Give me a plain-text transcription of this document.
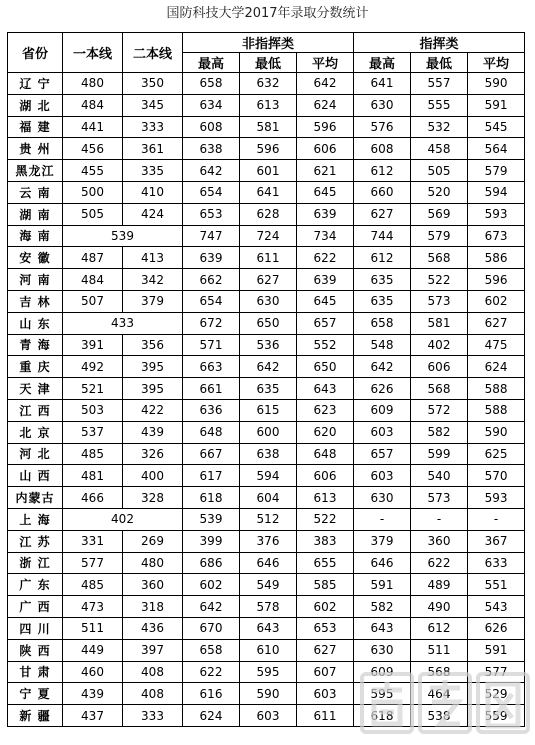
国防科技大学2017年录取分数统计
省份	一本线	二本线	非指挥类			指挥类		
			最高	最低	平均	最高	最低	平均
辽 宁	480	350	658	632	642	641	557	590
湖 北	484	345	634	613	624	630	555	591
福 建	441	333	608	581	596	576	532	545
贵 州	456	361	638	596	606	608	458	564
黑龙江	455	335	642	601	621	612	505	579
云 南	500	410	654	641	645	660	520	594
湖 南	505	424	653	628	639	627	569	593
海 南	539		747	724	734	744	579	673
安 徽	487	413	639	611	622	612	568	586
河 南	484	342	662	627	639	635	522	596
吉 林	507	379	654	630	645	635	573	602
山 东	433		672	650	657	658	581	627
青 海	391	356	571	536	552	548	402	475
重 庆	492	395	663	642	650	642	606	624
天 津	521	395	661	635	643	626	568	588
江 西	503	422	636	615	623	609	572	588
北 京	537	439	648	600	620	603	582	590
河 北	485	326	667	638	648	657	599	625
山 西	481	400	617	594	606	603	540	570
内蒙古	466	328	618	604	613	630	573	593
上 海	402		539	512	522	-	-	-
江 苏	331	269	399	376	383	379	360	367
浙 江	577	480	686	646	655	646	622	633
广 东	485	360	602	549	585	591	489	551
广 西	473	318	642	578	602	582	490	543
四 川	511	436	670	643	653	643	612	626
陕 西	449	397	658	610	627	630	511	591
甘 肃	460	408	622	595	607	609	568	577
宁 夏	439	408	616	590	603	595	464	529
新 疆	437	333	624	603	611	618	538	559
